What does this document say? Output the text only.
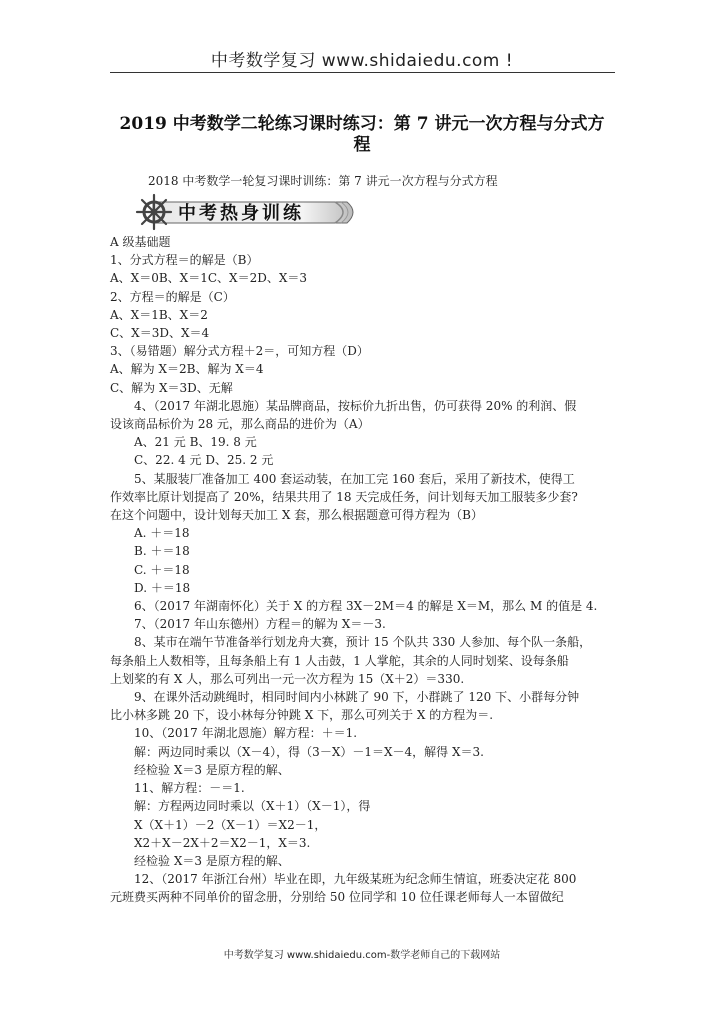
中考数学复习 www.shidaiedu.com !
2019 中考数学二轮练习课时练习：第 7 讲元一次方程与分式方
程
2018 中考数学一轮复习课时训练：第 7 讲元一次方程与分式方程
中考热身训练

A 级基础题

1、分式方程＝的解是（B）

A、X＝0B、X＝1C、X＝2D、X＝3

2、方程＝的解是（C）

A、X＝1B、X＝2

C、X＝3D、X＝4

3、（易错题）解分式方程＋2＝，可知方程（D）

A、解为 X＝2B、解为 X＝4

C、解为 X＝3D、无解

4、（2017 年湖北恩施）某品牌商品，按标价九折出售，仍可获得 20% 的利润、假

设该商品标价为 28 元，那么商品的进价为（A）

A、21 元 B、19. 8 元

C、22. 4 元 D、25. 2 元

5、某服装厂准备加工 400 套运动装，在加工完 160 套后，采用了新技术，使得工

作效率比原计划提高了 20%，结果共用了 18 天完成任务，问计划每天加工服装多少套?

在这个问题中，设计划每天加工 X 套，那么根据题意可得方程为（B）

A. ＋＝18

B. ＋＝18

C. ＋＝18

D. ＋＝18

6、（2017 年湖南怀化）关于 X 的方程 3X－2M＝4 的解是 X＝M，那么 M 的值是 4.

7、（2017 年山东德州）方程＝的解为 X＝－3.

8、某市在端午节准备举行划龙舟大赛，预计 15 个队共 330 人参加、每个队一条船，

每条船上人数相等，且每条船上有 1 人击鼓，1 人掌舵，其余的人同时划桨、设每条船

上划桨的有 X 人，那么可列出一元一次方程为 15（X＋2）＝330.

9、在课外活动跳绳时，相同时间内小林跳了 90 下，小群跳了 120 下、小群每分钟

比小林多跳 20 下，设小林每分钟跳 X 下，那么可列关于 X 的方程为＝.

10、（2017 年湖北恩施）解方程：＋＝1.

解：两边同时乘以（X－4），得（3－X）－1＝X－4，解得 X＝3.

经检验 X＝3 是原方程的解、

11、解方程：－＝1.

解：方程两边同时乘以（X＋1）（X－1），得

X（X＋1）－2（X－1）＝X2－1，

X2＋X－2X＋2＝X2－1，X＝3.

经检验 X＝3 是原方程的解、

12、（2017 年浙江台州）毕业在即，九年级某班为纪念师生情谊，班委决定花 800

元班费买两种不同单价的留念册，分别给 50 位同学和 10 位任课老师每人一本留做纪

中考数学复习 www.shidaiedu.com-数学老师自己的下载网站
